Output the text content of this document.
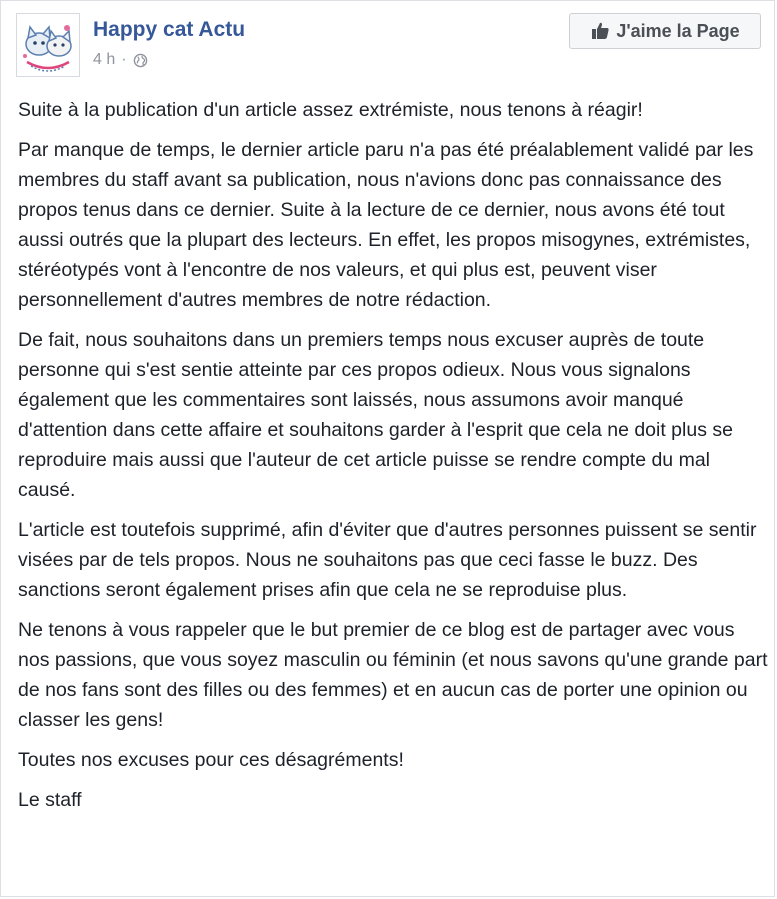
Happy cat Actu
4 h ·
J'aime la Page

Suite à la publication d'un article assez extrémiste, nous tenons à réagir!

Par manque de temps, le dernier article paru n'a pas été préalablement validé par les membres du staff avant sa publication, nous n'avions donc pas connaissance des propos tenus dans ce dernier. Suite à la lecture de ce dernier, nous avons été tout aussi outrés que la plupart des lecteurs. En effet, les propos misogynes, extrémistes, stéréotypés vont à l'encontre de nos valeurs, et qui plus est, peuvent viser personnellement d'autres membres de notre rédaction.

De fait, nous souhaitons dans un premiers temps nous excuser auprès de toute personne qui s'est sentie atteinte par ces propos odieux. Nous vous signalons également que les commentaires sont laissés, nous assumons avoir manqué d'attention dans cette affaire et souhaitons garder à l'esprit que cela ne doit plus se reproduire mais aussi que l'auteur de cet article puisse se rendre compte du mal causé.

L'article est toutefois supprimé, afin d'éviter que d'autres personnes puissent se sentir visées par de tels propos. Nous ne souhaitons pas que ceci fasse le buzz. Des sanctions seront également prises afin que cela ne se reproduise plus.

Ne tenons à vous rappeler que le but premier de ce blog est de partager avec vous nos passions, que vous soyez masculin ou féminin (et nous savons qu'une grande part de nos fans sont des filles ou des femmes) et en aucun cas de porter une opinion ou classer les gens!

Toutes nos excuses pour ces désagréments!

Le staff
